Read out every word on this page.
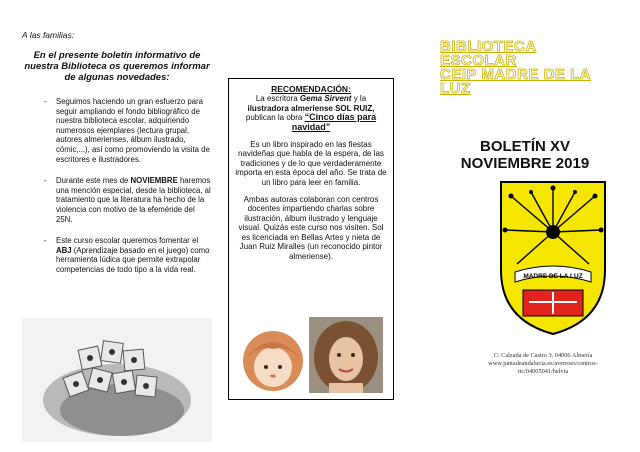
A las familias:
En el presente boletín informativo de nuestra Biblioteca os queremos informar de algunas novedades:
- Seguimos haciendo un gran esfuerzo para seguir ampliando el fondo bibliográfico de nuestra biblioteca escolar, adquiriendo numerosos ejemplares (lectura grupal, autores almerienses, álbum ilustrado, cómic,...), así como promoviendo la visita de escritores e ilustradores.
- Durante este mes de NOVIEMBRE haremos una mención especial, desde la biblioteca, al tratamiento que la literatura ha hecho de la violencia con motivo de la efeméride del 25N.
- Este curso escolar queremos fomentar el ABJ (Aprendizaje basado en el juego) como herramienta lúdica que permite extrapolar competencias de todo tipo a la vida real.
RECOMENDACIÓN:
La escritora Gema Sirvent y la ilustradora almeriense SOL RUIZ, publican la obra “Cinco días para navidad”
Es un libro inspirado en las fiestas navideñas que habla de la espera, de las tradiciones y de lo que verdaderamente importa en esta época del año. Se trata de un libro para leer en familia.
Ambas autoras colaboran con centros docentes impartiendo charlas sobre ilustración, álbum ilustrado y lenguaje visual. Quizás este curso nos visiten. Sol es licenciada en Bellas Artes y nieta de Juan Ruiz Miralles (un reconocido pintor almeriense).
BIBLIOTECA
ESCOLAR
CEIP MADRE DE LA
LUZ
BOLETÍN XV
NOVIEMBRE 2019
MADRE DE LA LUZ
C/ Calzada de Castro 3. 04006 Almería
www.juntadeandalucia.es/averroes/centros-
tic/04005041/helvia
